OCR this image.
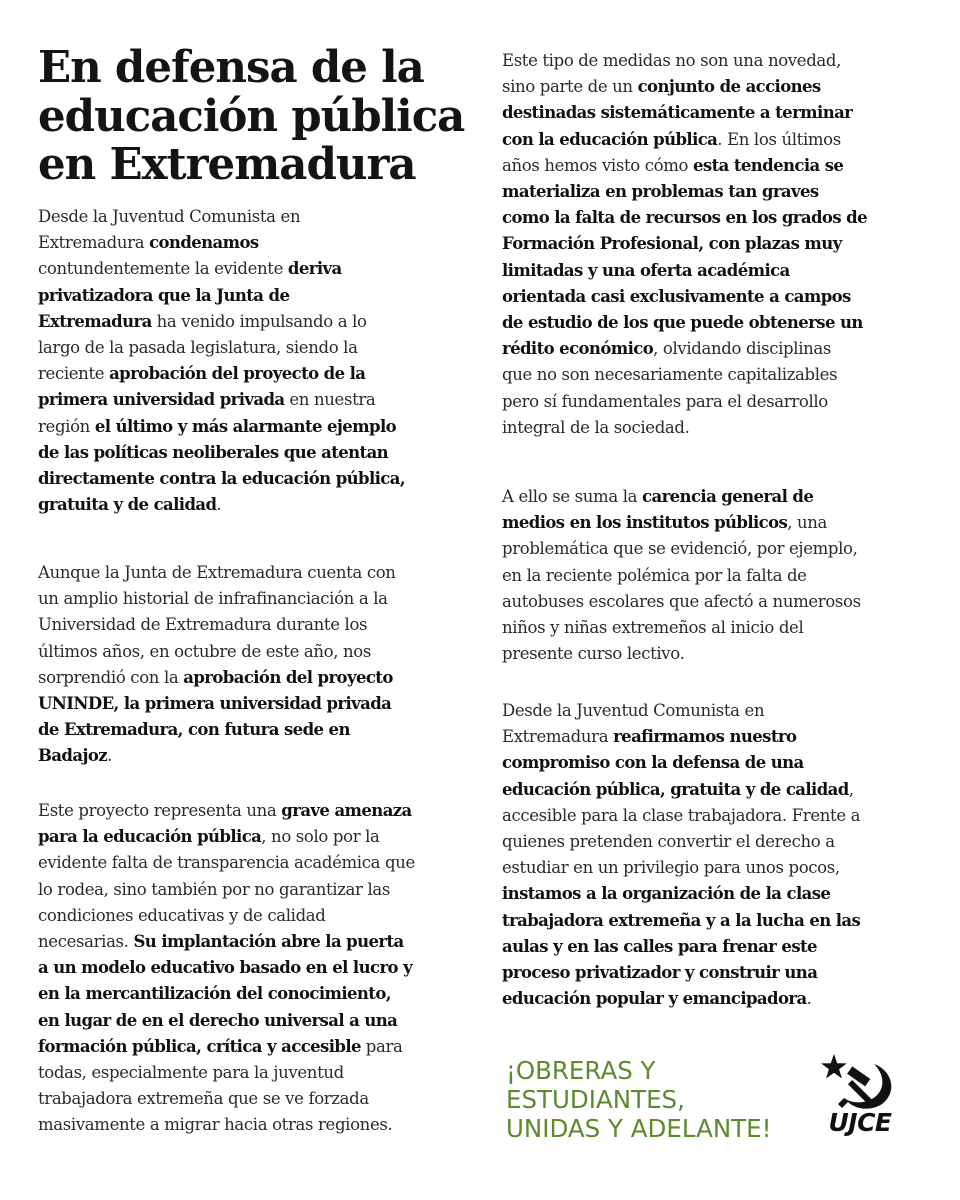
En defensa de la educación pública en Extremadura

Desde la Juventud Comunista en
Extremadura condenamos
contundentemente la evidente deriva
privatizadora que la Junta de
Extremadura ha venido impulsando a lo
largo de la pasada legislatura, siendo la
reciente aprobación del proyecto de la
primera universidad privada en nuestra
región el último y más alarmante ejemplo
de las políticas neoliberales que atentan
directamente contra la educación pública,
gratuita y de calidad.

Aunque la Junta de Extremadura cuenta con
un amplio historial de infrafinanciación a la
Universidad de Extremadura durante los
últimos años, en octubre de este año, nos
sorprendió con la aprobación del proyecto
UNINDE, la primera universidad privada
de Extremadura, con futura sede en
Badajoz.

Este proyecto representa una grave amenaza
para la educación pública, no solo por la
evidente falta de transparencia académica que
lo rodea, sino también por no garantizar las
condiciones educativas y de calidad
necesarias. Su implantación abre la puerta
a un modelo educativo basado en el lucro y
en la mercantilización del conocimiento,
en lugar de en el derecho universal a una
formación pública, crítica y accesible para
todas, especialmente para la juventud
trabajadora extremeña que se ve forzada
masivamente a migrar hacia otras regiones.

Este tipo de medidas no son una novedad,
sino parte de un conjunto de acciones
destinadas sistemáticamente a terminar
con la educación pública. En los últimos
años hemos visto cómo esta tendencia se
materializa en problemas tan graves
como la falta de recursos en los grados de
Formación Profesional, con plazas muy
limitadas y una oferta académica
orientada casi exclusivamente a campos
de estudio de los que puede obtenerse un
rédito económico, olvidando disciplinas
que no son necesariamente capitalizables
pero sí fundamentales para el desarrollo
integral de la sociedad.

A ello se suma la carencia general de
medios en los institutos públicos, una
problemática que se evidenció, por ejemplo,
en la reciente polémica por la falta de
autobuses escolares que afectó a numerosos
niños y niñas extremeños al inicio del
presente curso lectivo.

Desde la Juventud Comunista en
Extremadura reafirmamos nuestro
compromiso con la defensa de una
educación pública, gratuita y de calidad,
accesible para la clase trabajadora. Frente a
quienes pretenden convertir el derecho a
estudiar en un privilegio para unos pocos,
instamos a la organización de la clase
trabajadora extremeña y a la lucha en las
aulas y en las calles para frenar este
proceso privatizador y construir una
educación popular y emancipadora.

¡OBRERAS Y
ESTUDIANTES,
UNIDAS Y ADELANTE!	UJCE
